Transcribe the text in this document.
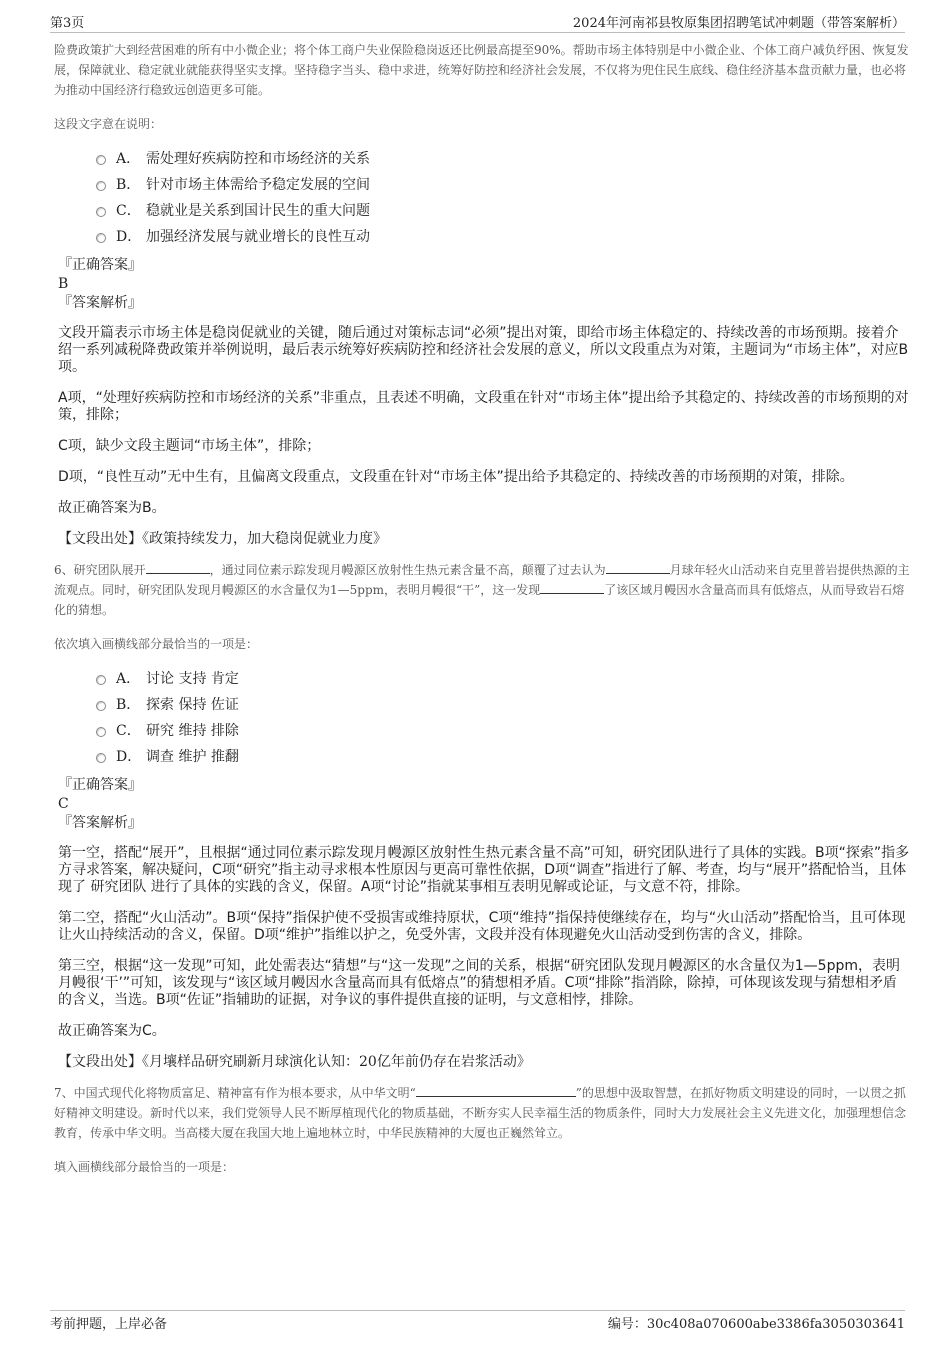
第3页	2024年河南祁县牧原集团招聘笔试冲刺题（带答案解析）

险费政策扩大到经营困难的所有中小微企业；将个体工商户失业保险稳岗返还比例最高提至90%。帮助市场主体特别是中小微企业、个体工商户减负纾困、恢复发展，保障就业、稳定就业就能获得坚实支撑。坚持稳字当头、稳中求进，统筹好防控和经济社会发展，不仅将为兜住民生底线、稳住经济基本盘贡献力量，也必将为推动中国经济行稳致远创造更多可能。

这段文字意在说明：

A． 需处理好疾病防控和市场经济的关系
B． 针对市场主体需给予稳定发展的空间
C． 稳就业是关系到国计民生的重大问题
D． 加强经济发展与就业增长的良性互动

『正确答案』

B

『答案解析』

文段开篇表示市场主体是稳岗促就业的关键，随后通过对策标志词“必须”提出对策，即给市场主体稳定的、持续改善的市场预期。接着介绍一系列减税降费政策并举例说明，最后表示统筹好疾病防控和经济社会发展的意义，所以文段重点为对策，主题词为“市场主体”，对应B项。

A项，“处理好疾病防控和市场经济的关系”非重点，且表述不明确，文段重在针对“市场主体”提出给予其稳定的、持续改善的市场预期的对策，排除；

C项，缺少文段主题词“市场主体”，排除；

D项，“良性互动”无中生有，且偏离文段重点，文段重在针对“市场主体”提出给予其稳定的、持续改善的市场预期的对策，排除。

故正确答案为B。

【文段出处】《政策持续发力，加大稳岗促就业力度》

6、研究团队展开	，通过同位素示踪发现月幔源区放射性生热元素含量不高，颠覆了过去认为	月球年轻火山活动来自克里普岩提供热源的主流观点。同时，研究团队发现月幔源区的水含量仅为1—5ppm，表明月幔很“干”，这一发现	了该区域月幔因水含量高而具有低熔点，从而导致岩石熔化的猜想。

依次填入画横线部分最恰当的一项是：

A． 讨论 支持 肯定
B． 探索 保持 佐证
C． 研究 维持 排除
D． 调查 维护 推翻

『正确答案』

C

『答案解析』

第一空，搭配“展开”，且根据“通过同位素示踪发现月幔源区放射性生热元素含量不高”可知，研究团队进行了具体的实践。B项“探索”指多方寻求答案，解决疑问，C项“研究”指主动寻求根本性原因与更高可靠性依据，D项“调查”指进行了解、考查，均与“展开”搭配恰当，且体现了 研究团队 进行了具体的实践的含义，保留。A项“讨论”指就某事相互表明见解或论证，与文意不符，排除。

第二空，搭配“火山活动”。B项“保持”指保护使不受损害或维持原状，C项“维持”指保持使继续存在，均与“火山活动”搭配恰当，且可体现让火山持续活动的含义，保留。D项“维护”指维以护之，免受外害，文段并没有体现避免火山活动受到伤害的含义，排除。

第三空，根据“这一发现”可知，此处需表达“猜想”与“这一发现”之间的关系，根据“研究团队发现月幔源区的水含量仅为1—5ppm，表明月幔很‘干’”可知，该发现与“该区域月幔因水含量高而具有低熔点”的猜想相矛盾。C项“排除”指消除，除掉，可体现该发现与猜想相矛盾的含义，当选。B项“佐证”指辅助的证据，对争议的事件提供直接的证明，与文意相悖，排除。

故正确答案为C。

【文段出处】《月壤样品研究刷新月球演化认知：20亿年前仍存在岩浆活动》

7、中国式现代化将物质富足、精神富有作为根本要求，从中华文明“	”的思想中汲取智慧，在抓好物质文明建设的同时，一以贯之抓好精神文明建设。新时代以来，我们党领导人民不断厚植现代化的物质基础，不断夯实人民幸福生活的物质条件，同时大力发展社会主义先进文化，加强理想信念教育，传承中华文明。当高楼大厦在我国大地上遍地林立时，中华民族精神的大厦也正巍然耸立。

填入画横线部分最恰当的一项是：

考前押题，上岸必备	编号：30c408a070600abe3386fa3050303641
